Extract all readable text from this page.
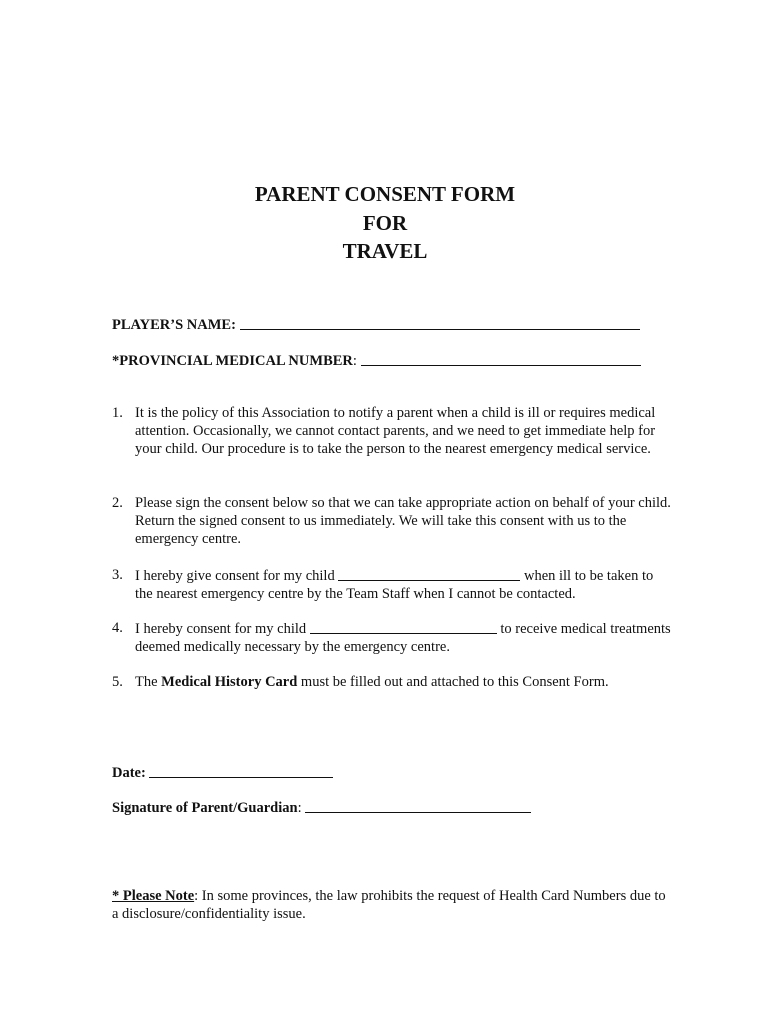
PARENT CONSENT FORM
FOR
TRAVEL
PLAYER’S NAME:
*PROVINCIAL MEDICAL NUMBER:
1. It is the policy of this Association to notify a parent when a child is ill or requires medical attention. Occasionally, we cannot contact parents, and we need to get immediate help for your child. Our procedure is to take the person to the nearest emergency medical service.
2. Please sign the consent below so that we can take appropriate action on behalf of your child. Return the signed consent to us immediately. We will take this consent with us to the emergency centre.
3. I hereby give consent for my child	when ill to be taken to the nearest emergency centre by the Team Staff when I cannot be contacted.
4. I hereby consent for my child	to receive medical treatments deemed medically necessary by the emergency centre.
5. The Medical History Card must be filled out and attached to this Consent Form.
Date:
Signature of Parent/Guardian:
* Please Note: In some provinces, the law prohibits the request of Health Card Numbers due to a disclosure/confidentiality issue.
